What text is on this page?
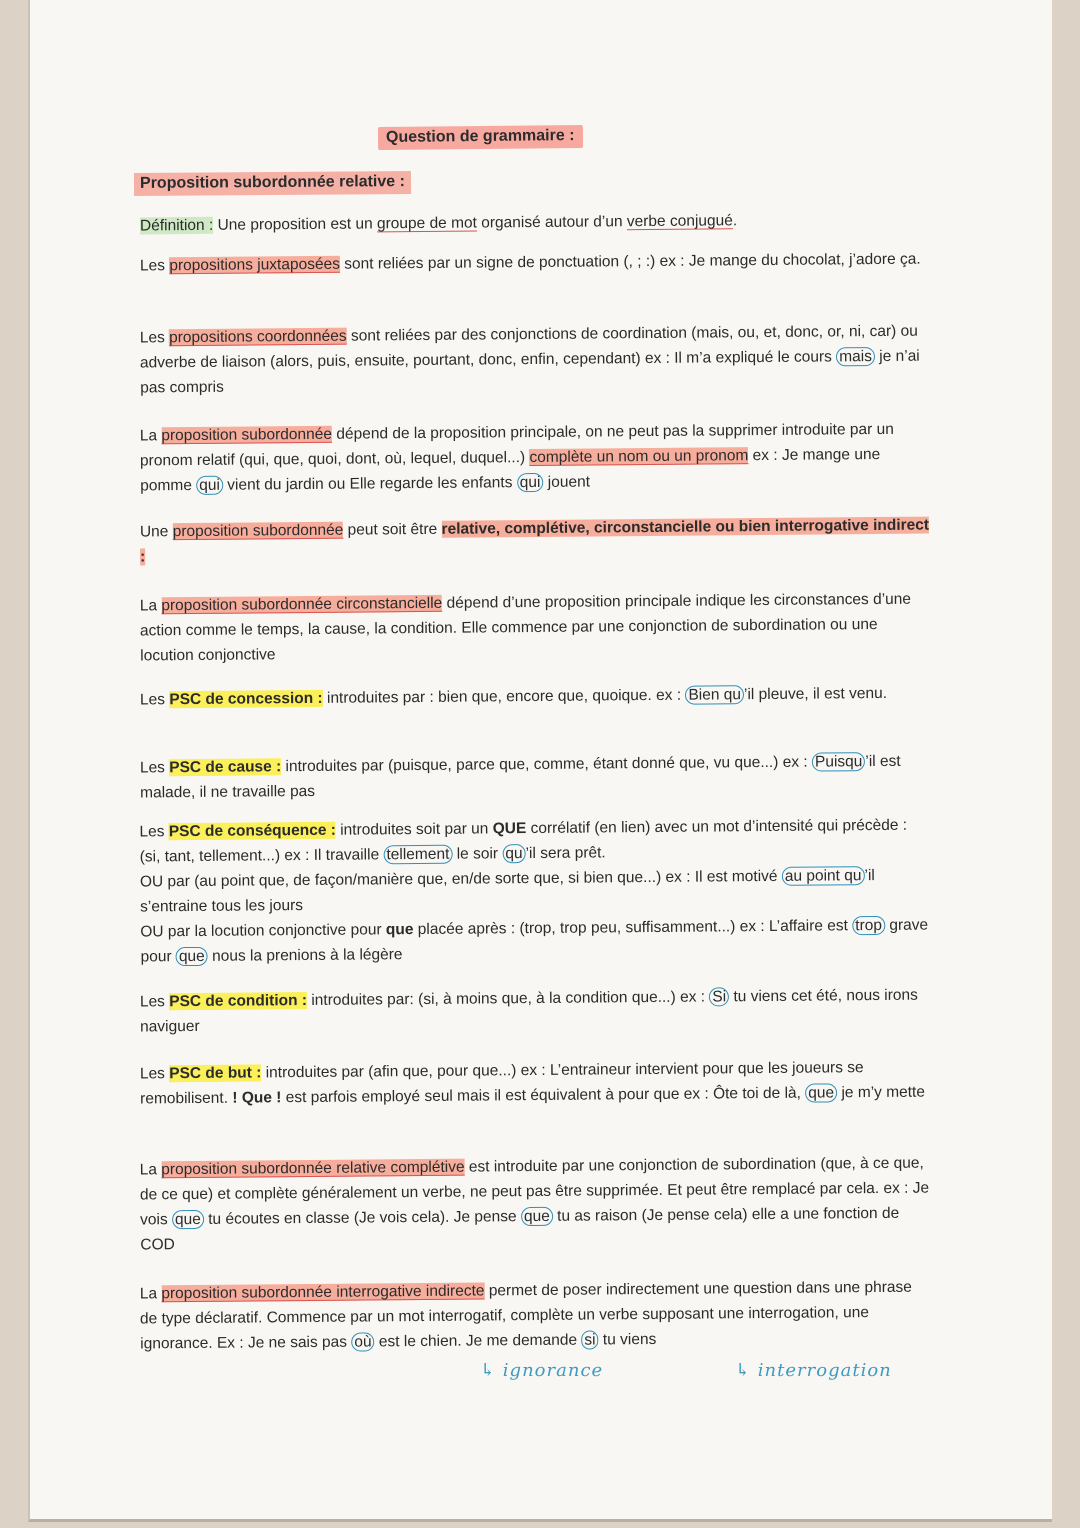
Question de grammaire :
Proposition subordonnée relative :

Définition : Une proposition est un groupe de mot organisé autour d’un verbe conjugué.

Les propositions juxtaposées sont reliées par un signe de ponctuation (, ; :) ex : Je mange du chocolat, j’adore ça.

Les propositions coordonnées sont reliées par des conjonctions de coordination (mais, ou, et, donc, or, ni, car) ou adverbe de liaison (alors, puis, ensuite, pourtant, donc, enfin, cependant) ex : Il m’a expliqué le cours mais je n’ai pas compris

La proposition subordonnée dépend de la proposition principale, on ne peut pas la supprimer introduite par un pronom relatif (qui, que, quoi, dont, où, lequel, duquel...) complète un nom ou un pronom ex : Je mange une pomme qui vient du jardin ou Elle regarde les enfants qui jouent

Une proposition subordonnée peut soit être relative, complétive, circonstancielle ou bien interrogative indirect :

La proposition subordonnée circonstancielle dépend d’une proposition principale indique les circonstances d’une action comme le temps, la cause, la condition. Elle commence par une conjonction de subordination ou une locution conjonctive

Les PSC de concession : introduites par : bien que, encore que, quoique. ex : Bien qu ’il pleuve, il est venu.

Les PSC de cause : introduites par (puisque, parce que, comme, étant donné que, vu que...) ex : Puisqu ’il est malade, il ne travaille pas

Les PSC de conséquence : introduites soit par un QUE corrélatif (en lien) avec un mot d’intensité qui précède : (si, tant, tellement...) ex : Il travaille tellement le soir qu ’il sera prêt.
OU par (au point que, de façon/manière que, en/de sorte que, si bien que...) ex : Il est motivé au point qu ’il s’entraine tous les jours
OU par la locution conjonctive pour que placée après : (trop, trop peu, suffisamment...) ex : L’affaire est trop grave pour que nous la prenions à la légère

Les PSC de condition : introduites par: (si, à moins que, à la condition que...) ex : Si tu viens cet été, nous irons naviguer

Les PSC de but : introduites par (afin que, pour que...) ex : L’entraineur intervient pour que les joueurs se remobilisent. ! Que ! est parfois employé seul mais il est équivalent à pour que ex : Ôte toi de là, que je m’y mette

La proposition subordonnée relative complétive est introduite par une conjonction de subordination (que, à ce que, de ce que) et complète généralement un verbe, ne peut pas être supprimée. Et peut être remplacé par cela. ex : Je vois que tu écoutes en classe (Je vois cela). Je pense que tu as raison (Je pense cela) elle a une fonction de COD

La proposition subordonnée interrogative indirecte permet de poser indirectement une question dans une phrase de type déclaratif. Commence par un mot interrogatif, complète un verbe supposant une interrogation, une ignorance. Ex : Je ne sais pas où est le chien. Je me demande si tu viens

↳ ignorance	↳ interrogation
